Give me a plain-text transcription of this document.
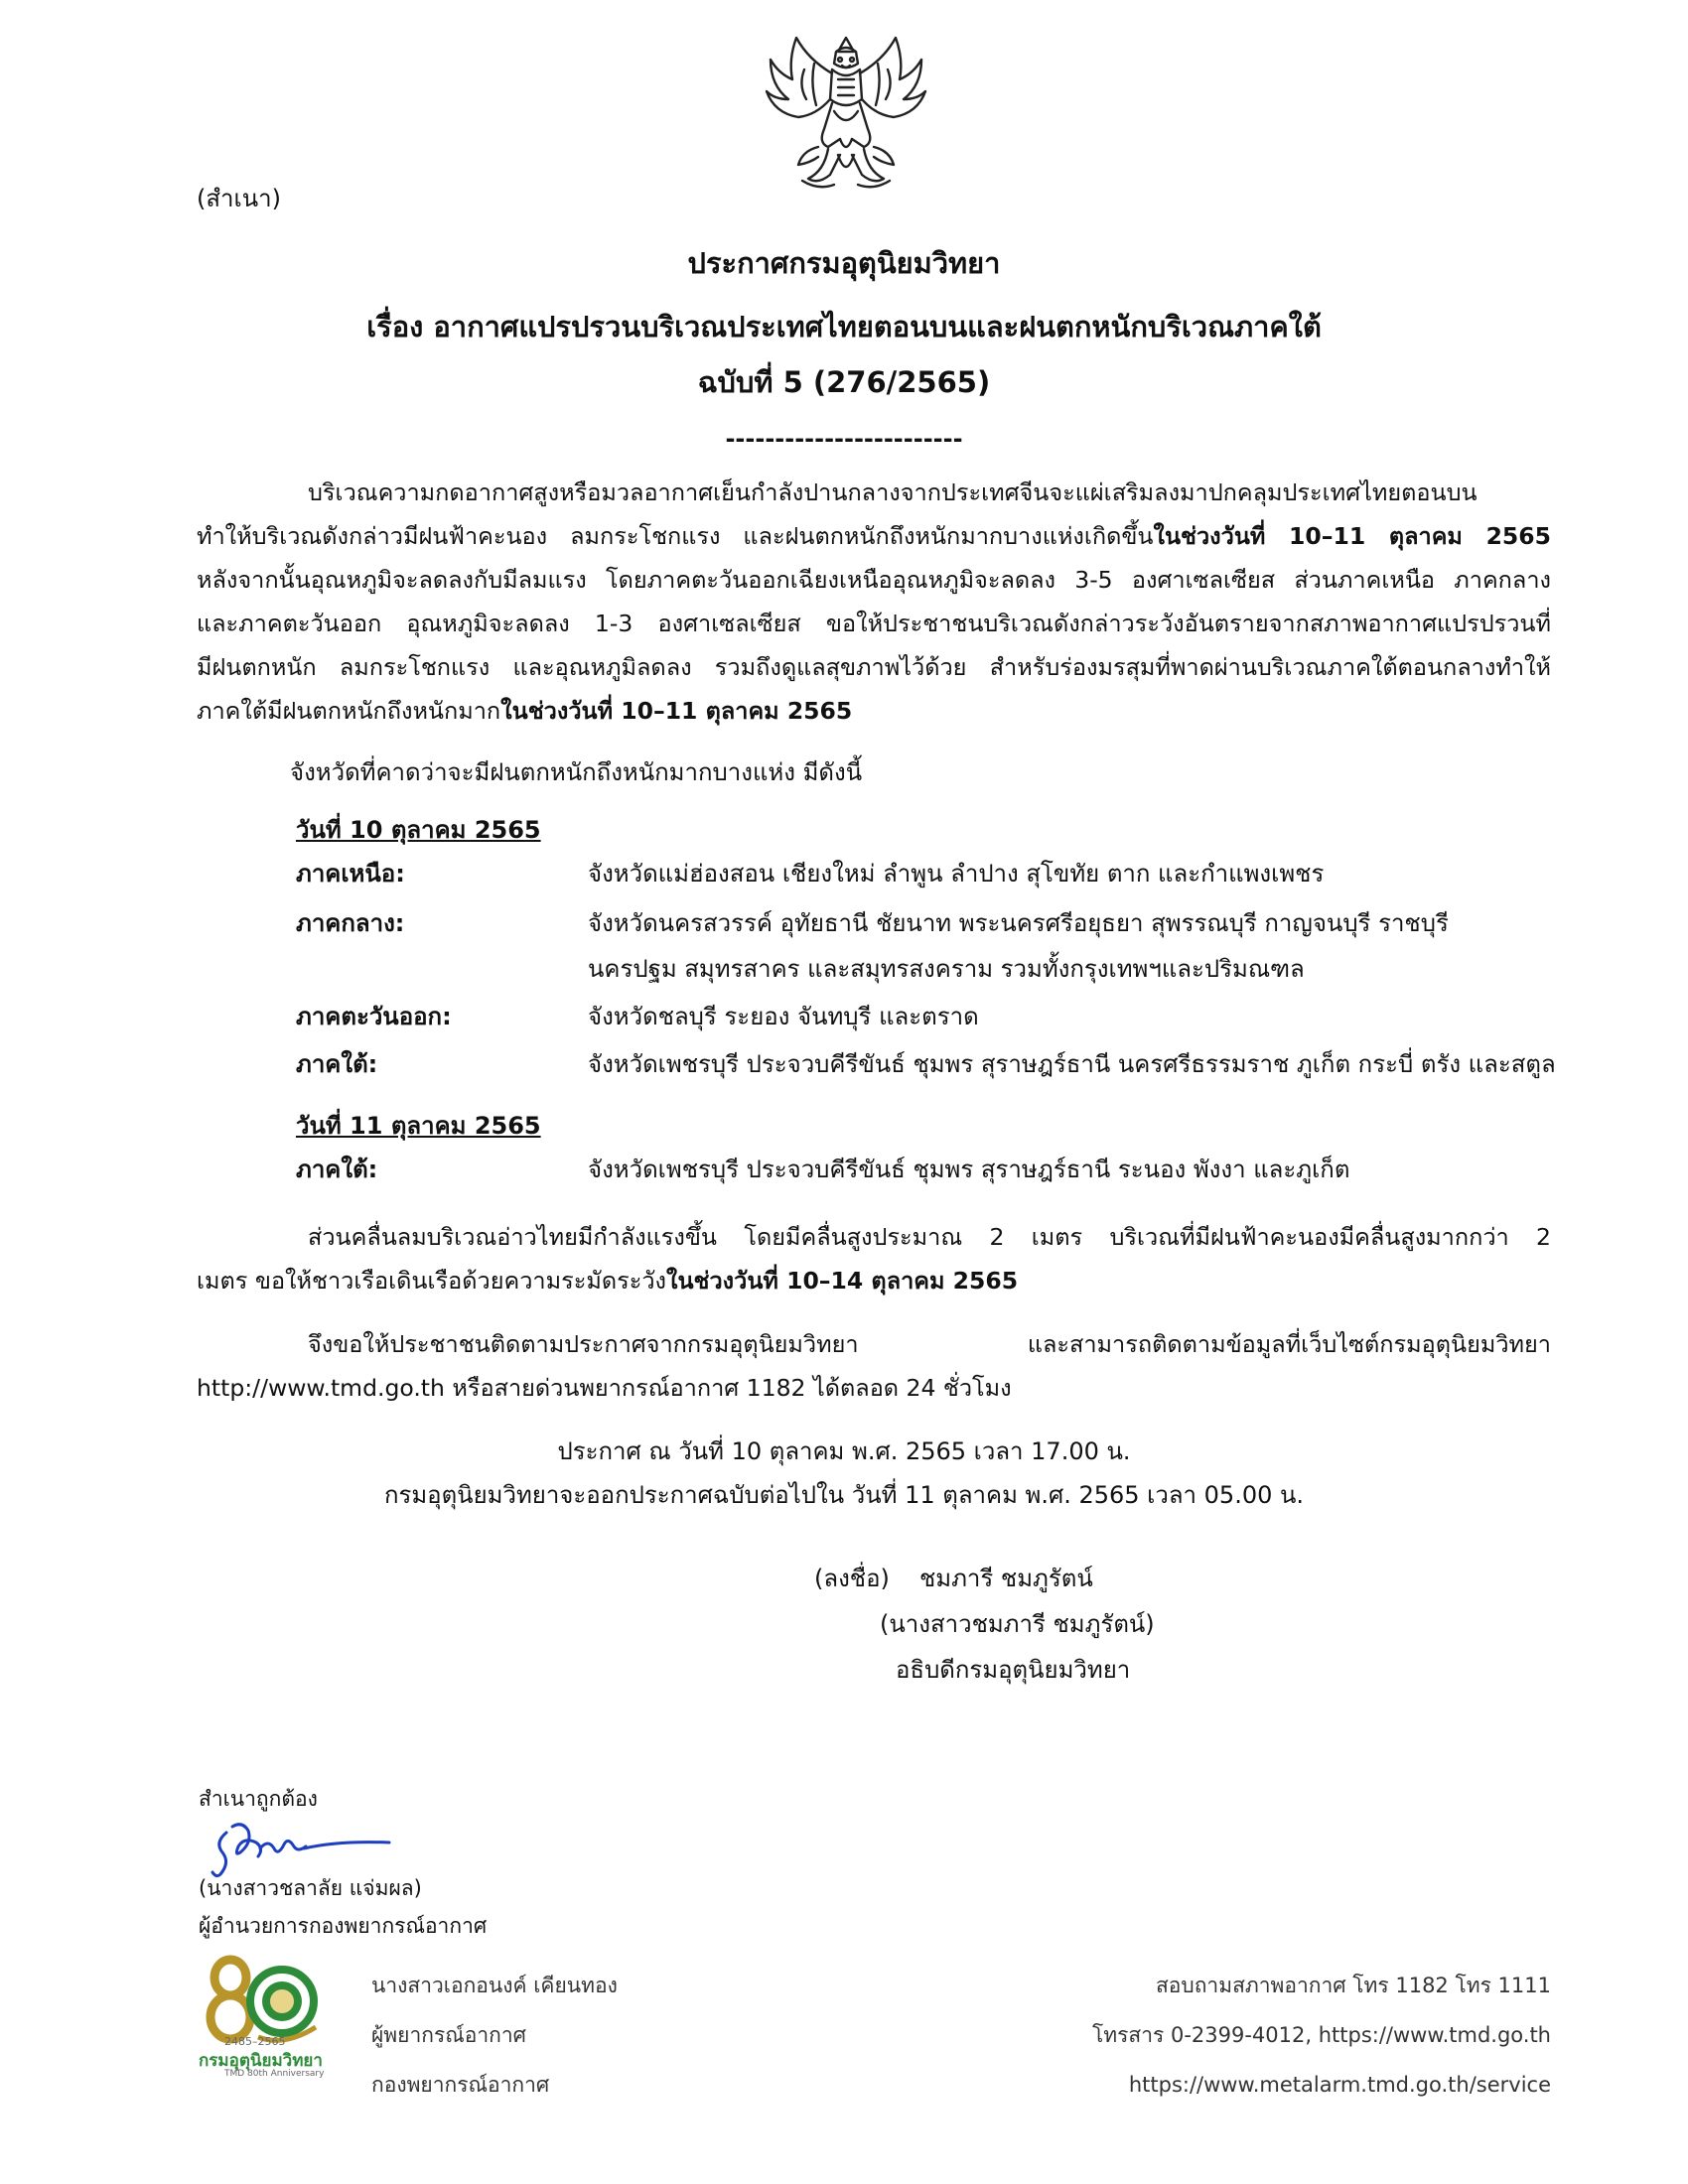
(สำเนา)
ประกาศกรมอุตุนิยมวิทยา
เรื่อง อากาศแปรปรวนบริเวณประเทศไทยตอนบนและฝนตกหนักบริเวณภาคใต้
ฉบับที่ 5 (276/2565)
------------------------
บริเวณความกดอากาศสูงหรือมวลอากาศเย็นกำลังปานกลางจากประเทศจีนจะแผ่เสริมลงมาปกคลุมประเทศไทยตอนบน
ทำให้บริเวณดังกล่าวมีฝนฟ้าคะนอง ลมกระโชกแรง และฝนตกหนักถึงหนักมากบางแห่งเกิดขึ้นในช่วงวันที่ 10–11 ตุลาคม 2565
หลังจากนั้นอุณหภูมิจะลดลงกับมีลมแรง โดยภาคตะวันออกเฉียงเหนืออุณหภูมิจะลดลง 3-5 องศาเซลเซียส ส่วนภาคเหนือ ภาคกลาง
และภาคตะวันออก อุณหภูมิจะลดลง 1-3 องศาเซลเซียส ขอให้ประชาชนบริเวณดังกล่าวระวังอันตรายจากสภาพอากาศแปรปรวนที่
มีฝนตกหนัก ลมกระโชกแรง และอุณหภูมิลดลง รวมถึงดูแลสุขภาพไว้ด้วย สำหรับร่องมรสุมที่พาดผ่านบริเวณภาคใต้ตอนกลางทำให้
ภาคใต้มีฝนตกหนักถึงหนักมากในช่วงวันที่ 10–11 ตุลาคม 2565
จังหวัดที่คาดว่าจะมีฝนตกหนักถึงหนักมากบางแห่ง มีดังนี้
วันที่ 10 ตุลาคม 2565
ภาคเหนือ:	จังหวัดแม่ฮ่องสอน เชียงใหม่ ลำพูน ลำปาง สุโขทัย ตาก และกำแพงเพชร
ภาคกลาง:	จังหวัดนครสวรรค์ อุทัยธานี ชัยนาท พระนครศรีอยุธยา สุพรรณบุรี กาญจนบุรี ราชบุรี
นครปฐม สมุทรสาคร และสมุทรสงคราม รวมทั้งกรุงเทพฯและปริมณฑล
ภาคตะวันออก:	จังหวัดชลบุรี ระยอง จันทบุรี และตราด
ภาคใต้:	จังหวัดเพชรบุรี ประจวบคีรีขันธ์ ชุมพร สุราษฎร์ธานี นครศรีธรรมราช ภูเก็ต กระบี่ ตรัง และสตูล
วันที่ 11 ตุลาคม 2565
ภาคใต้:	จังหวัดเพชรบุรี ประจวบคีรีขันธ์ ชุมพร สุราษฎร์ธานี ระนอง พังงา และภูเก็ต
ส่วนคลื่นลมบริเวณอ่าวไทยมีกำลังแรงขึ้น โดยมีคลื่นสูงประมาณ 2 เมตร บริเวณที่มีฝนฟ้าคะนองมีคลื่นสูงมากกว่า 2
เมตร ขอให้ชาวเรือเดินเรือด้วยความระมัดระวังในช่วงวันที่ 10–14 ตุลาคม 2565
จึงขอให้ประชาชนติดตามประกาศจากกรมอุตุนิยมวิทยา และสามารถติดตามข้อมูลที่เว็บไซต์กรมอุตุนิยมวิทยา
http://www.tmd.go.th หรือสายด่วนพยากรณ์อากาศ 1182 ได้ตลอด 24 ชั่วโมง
ประกาศ ณ วันที่ 10 ตุลาคม พ.ศ. 2565 เวลา 17.00 น.
กรมอุตุนิยมวิทยาจะออกประกาศฉบับต่อไปใน วันที่ 11 ตุลาคม พ.ศ. 2565 เวลา 05.00 น.
(ลงชื่อ) ชมภารี ชมภูรัตน์
(นางสาวชมภารี ชมภูรัตน์)
อธิบดีกรมอุตุนิยมวิทยา
สำเนาถูกต้อง
(นางสาวชลาลัย แจ่มผล)
ผู้อำนวยการกองพยากรณ์อากาศ
2485–2565
กรมอุตุนิยมวิทยา
TMD 80th Anniversary
นางสาวเอกอนงค์ เคียนทอง
ผู้พยากรณ์อากาศ
กองพยากรณ์อากาศ
สอบถามสภาพอากาศ โทร 1182 โทร 1111
โทรสาร 0-2399-4012, https://www.tmd.go.th
https://www.metalarm.tmd.go.th/service
